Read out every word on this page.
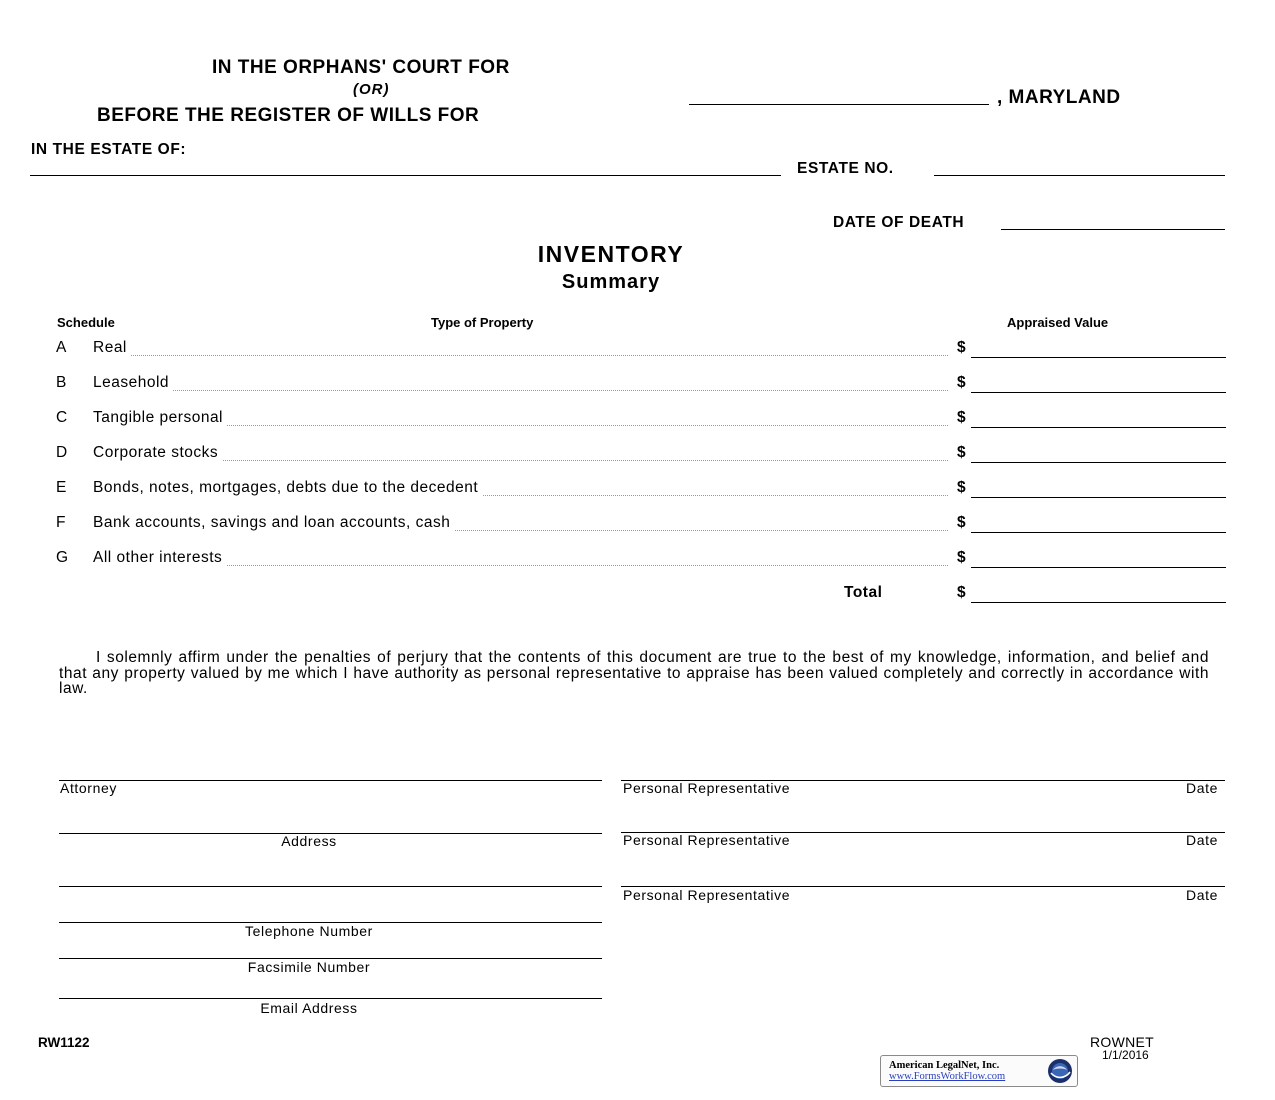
IN THE ORPHANS' COURT FOR
(OR)
BEFORE THE REGISTER OF WILLS FOR
, MARYLAND
IN THE ESTATE OF:
ESTATE NO.
DATE OF DEATH
INVENTORY
Summary
Schedule	Type of Property	Appraised Value
A Real	$
B Leasehold	$
C Tangible personal	$
D Corporate stocks	$
E Bonds, notes, mortgages, debts due to the decedent	$
F Bank accounts, savings and loan accounts, cash	$
G All other interests	$
Total	$
I solemnly affirm under the penalties of perjury that the contents of this document are true to the best of my knowledge, information, and belief and that any property valued by me which I have authority as personal representative to appraise has been valued completely and correctly in accordance with law.
Attorney
Address
Telephone Number
Facsimile Number
Email Address
Personal Representative	Date
Personal Representative	Date
Personal Representative	Date
RW1122	ROWNET
1/1/2016
American LegalNet, Inc.
www.FormsWorkFlow.com
